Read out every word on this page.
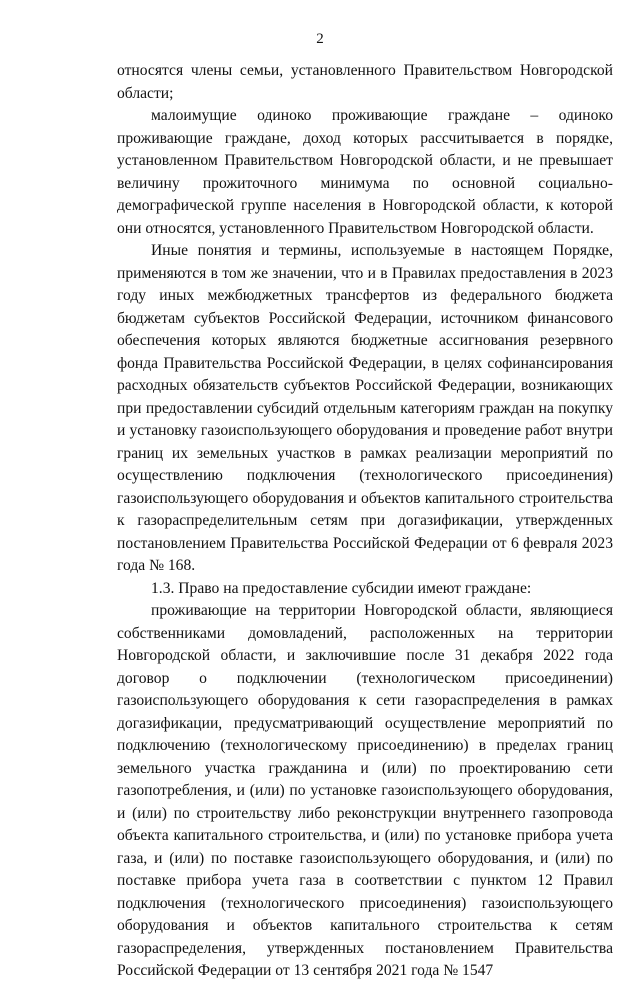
2

относятся члены семьи, установленного Правительством Новгородской области;

малоимущие одиноко проживающие граждане – одиноко проживающие граждане, доход которых рассчитывается в порядке, установленном Правительством Новгородской области, и не превышает величину прожиточного минимума по основной социально-демографической группе населения в Новгородской области, к которой они относятся, установленного Правительством Новгородской области.

Иные понятия и термины, используемые в настоящем Порядке, применяются в том же значении, что и в Правилах предоставления в 2023 году иных межбюджетных трансфертов из федерального бюджета бюджетам субъектов Российской Федерации, источником финансового обеспечения которых являются бюджетные ассигнования резервного фонда Правительства Российской Федерации, в целях софинансирования расходных обязательств субъектов Российской Федерации, возникающих при предоставлении субсидий отдельным категориям граждан на покупку и установку газоиспользующего оборудования и проведение работ внутри границ их земельных участков в рамках реализации мероприятий по осуществлению подключения (технологического присоединения) газоиспользующего оборудования и объектов капитального строительства к газораспределительным сетям при догазификации, утвержденных постановлением Правительства Российской Федерации от 6 февраля 2023 года № 168.

1.3. Право на предоставление субсидии имеют граждане:

проживающие на территории Новгородской области, являющиеся собственниками домовладений, расположенных на территории Новгородской области, и заключившие после 31 декабря 2022 года договор о подключении (технологическом присоединении) газоиспользующего оборудования к сети газораспределения в рамках догазификации, предусматривающий осуществление мероприятий по подключению (технологическому присоединению) в пределах границ земельного участка гражданина и (или) по проектированию сети газопотребления, и (или) по установке газоиспользующего оборудования, и (или) по строительству либо реконструкции внутреннего газопровода объекта капитального строительства, и (или) по установке прибора учета газа, и (или) по поставке газоиспользующего оборудования, и (или) по поставке прибора учета газа в соответствии с пунктом 12 Правил подключения (технологического присоединения) газоиспользующего оборудования и объектов капитального строительства к сетям газораспределения, утвержденных постановлением Правительства Российской Федерации от 13 сентября 2021 года № 1547
